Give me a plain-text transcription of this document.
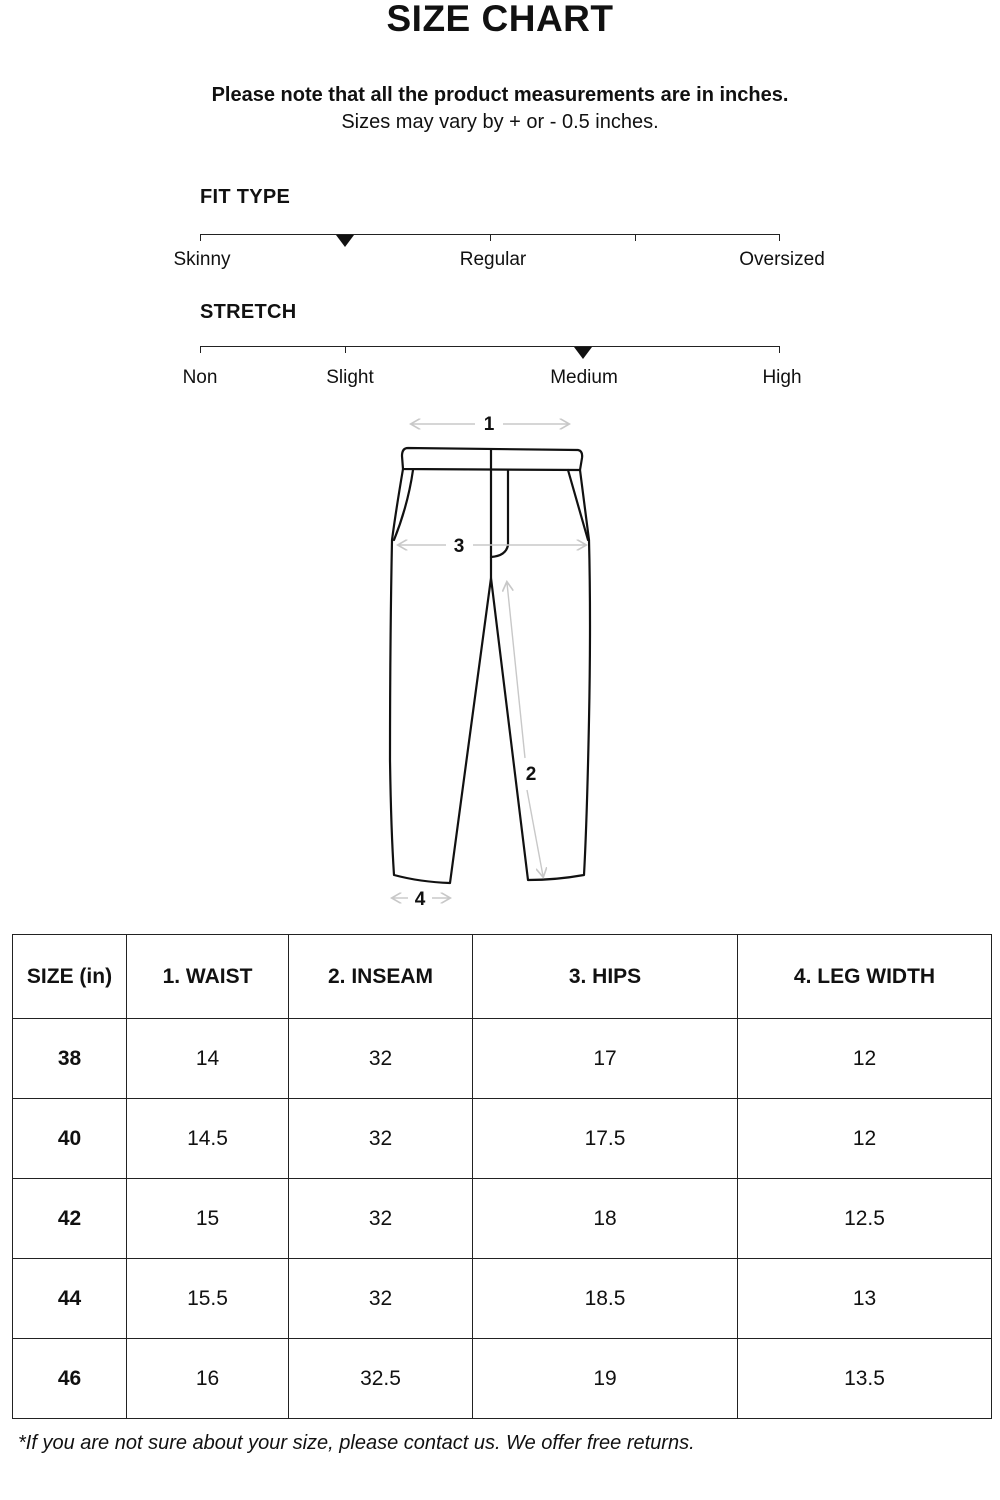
SIZE CHART
Please note that all the product measurements are in inches.
Sizes may vary by + or - 0.5 inches.
FIT TYPE
Skinny	Regular	Oversized
STRETCH
Non	Slight	Medium	High
1
2
3
4
SIZE (in)	1. WAIST	2. INSEAM	3. HIPS	4. LEG WIDTH
38	14	32	17	12
40	14.5	32	17.5	12
42	15	32	18	12.5
44	15.5	32	18.5	13
46	16	32.5	19	13.5
*If you are not sure about your size, please contact us. We offer free returns.
